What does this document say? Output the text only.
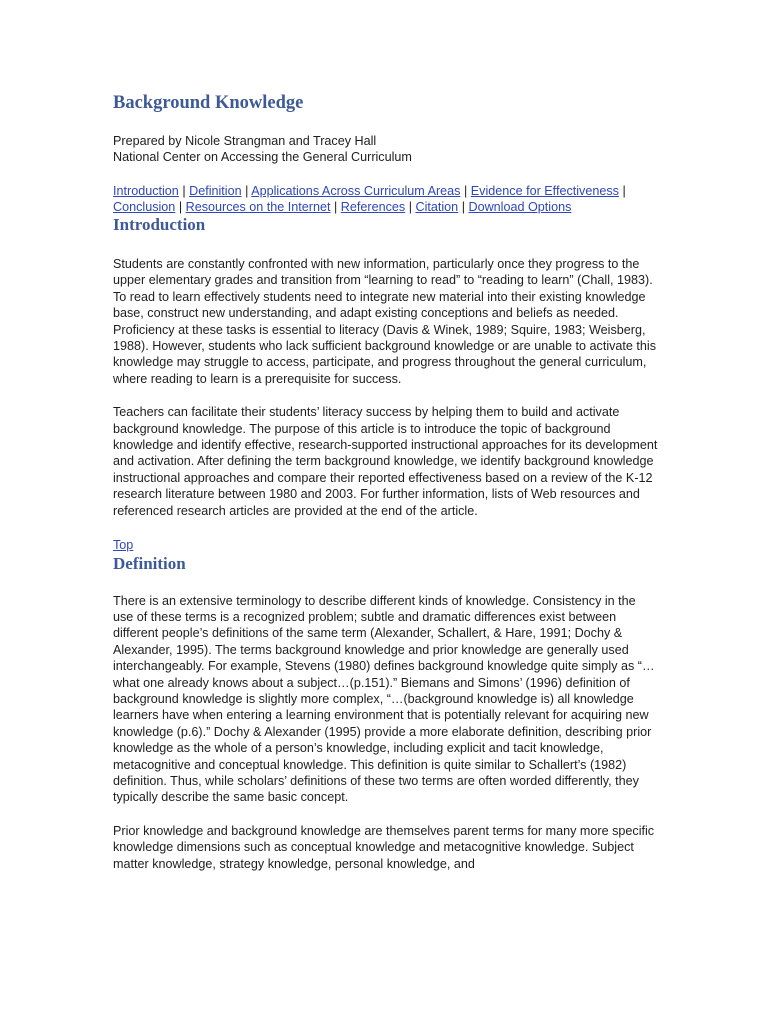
Background Knowledge
Prepared by Nicole Strangman and Tracey Hall
National Center on Accessing the General Curriculum
Introduction | Definition | Applications Across Curriculum Areas | Evidence for Effectiveness | Conclusion | Resources on the Internet | References | Citation | Download Options
Introduction

Students are constantly confronted with new information, particularly once they progress to the upper elementary grades and transition from “learning to read” to “reading to learn” (Chall, 1983). To read to learn effectively students need to integrate new material into their existing knowledge base, construct new understanding, and adapt existing conceptions and beliefs as needed. Proficiency at these tasks is essential to literacy (Davis & Winek, 1989; Squire, 1983; Weisberg, 1988). However, students who lack sufficient background knowledge or are unable to activate this knowledge may struggle to access, participate, and progress throughout the general curriculum, where reading to learn is a prerequisite for success.

Teachers can facilitate their students’ literacy success by helping them to build and activate background knowledge. The purpose of this article is to introduce the topic of background knowledge and identify effective, research-supported instructional approaches for its development and activation. After defining the term background knowledge, we identify background knowledge instructional approaches and compare their reported effectiveness based on a review of the K-12 research literature between 1980 and 2003. For further information, lists of Web resources and referenced research articles are provided at the end of the article.

Top
Definition

There is an extensive terminology to describe different kinds of knowledge. Consistency in the use of these terms is a recognized problem; subtle and dramatic differences exist between different people’s definitions of the same term (Alexander, Schallert, & Hare, 1991; Dochy & Alexander, 1995). The terms background knowledge and prior knowledge are generally used interchangeably. For example, Stevens (1980) defines background knowledge quite simply as “…what one already knows about a subject…(p.151).” Biemans and Simons’ (1996) definition of background knowledge is slightly more complex, “…(background knowledge is) all knowledge learners have when entering a learning environment that is potentially relevant for acquiring new knowledge (p.6).” Dochy & Alexander (1995) provide a more elaborate definition, describing prior knowledge as the whole of a person’s knowledge, including explicit and tacit knowledge, metacognitive and conceptual knowledge. This definition is quite similar to Schallert’s (1982) definition. Thus, while scholars’ definitions of these two terms are often worded differently, they typically describe the same basic concept.

Prior knowledge and background knowledge are themselves parent terms for many more specific knowledge dimensions such as conceptual knowledge and metacognitive knowledge. Subject matter knowledge, strategy knowledge, personal knowledge, and
